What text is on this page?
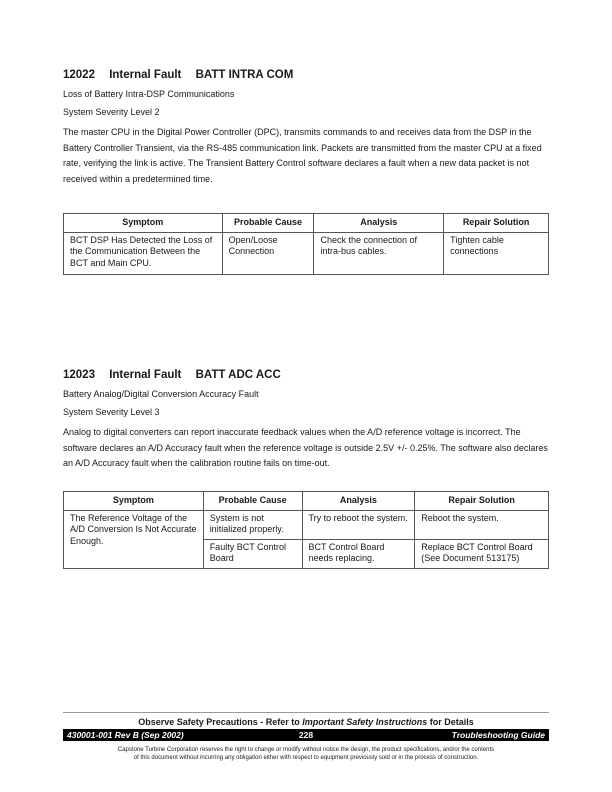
12022 Internal Fault BATT INTRA COM

Loss of Battery Intra-DSP Communications
System Severity Level 2
The master CPU in the Digital Power Controller (DPC), transmits commands to and receives data from the DSP in the Battery Controller Transient, via the RS-485 communication link. Packets are transmitted from the master CPU at a fixed rate, verifying the link is active. The Transient Battery Control software declares a fault when a new data packet is not received within a predetermined time.
Symptom	Probable Cause	Analysis	Repair Solution
BCT DSP Has Detected the Loss of the Communication Between the BCT and Main CPU.	Open/Loose Connection	Check the connection of intra-bus cables.	Tighten cable connections

12023 Internal Fault BATT ADC ACC

Battery Analog/Digital Conversion Accuracy Fault
System Severity Level 3
Analog to digital converters can report inaccurate feedback values when the A/D reference voltage is incorrect. The software declares an A/D Accuracy fault when the reference voltage is outside 2.5V +/- 0.25%. The software also declares an A/D Accuracy fault when the calibration routine fails on time-out.
Symptom	Probable Cause	Analysis	Repair Solution
The Reference Voltage of the A/D Conversion Is Not Accurate Enough.	System is not initialized properly.	Try to reboot the system.	Reboot the system.
	Faulty BCT Control Board	BCT Control Board needs replacing.	Replace BCT Control Board (See Document 513175)
Observe Safety Precautions - Refer to Important Safety Instructions for Details
228
430001-001 Rev B (Sep 2002)	Troubleshooting Guide
Capstone Turbine Corporation reserves the right to change or modify without notice the design, the product specifications, and/or the contents
of this document without incurring any obligation either with respect to equipment previously sold or in the process of construction.
